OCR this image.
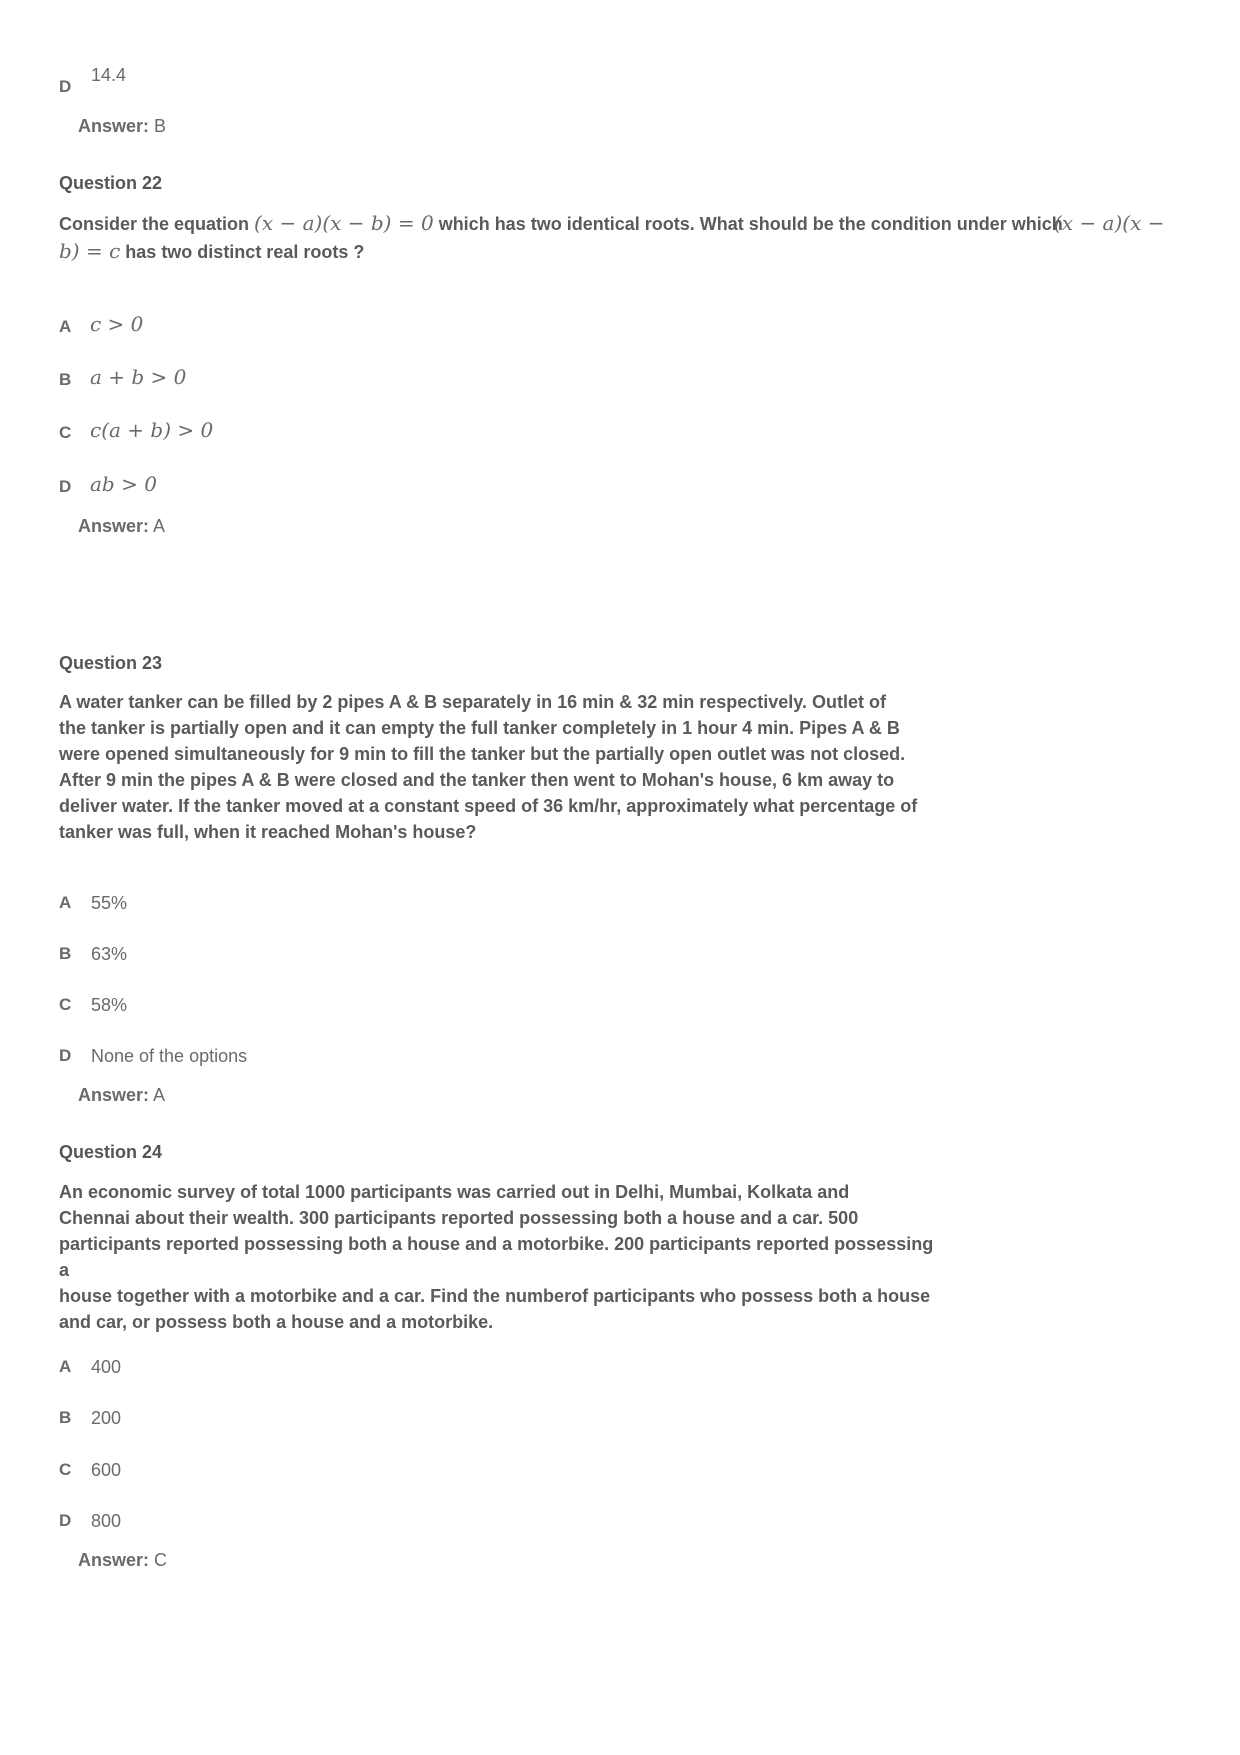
D
14.4
Answer: B
Question 22
Consider the equation (x − a)(x − b) = 0 which has two identical roots. What should be the condition under which
(x − a)(x −
b) = c has two distinct real roots ?
A c > 0
B a + b > 0
C c(a + b) > 0
D ab > 0
Answer: A
Question 23
A water tanker can be filled by 2 pipes A & B separately in 16 min & 32 min respectively. Outlet of
the tanker is partially open and it can empty the full tanker completely in 1 hour 4 min. Pipes A & B
were opened simultaneously for 9 min to fill the tanker but the partially open outlet was not closed.
After 9 min the pipes A & B were closed and the tanker then went to Mohan's house, 6 km away to
deliver water. If the tanker moved at a constant speed of 36 km/hr, approximately what percentage of
tanker was full, when it reached Mohan's house?
A 55%
B 63%
C 58%
D None of the options
Answer: A
Question 24
An economic survey of total 1000 participants was carried out in Delhi, Mumbai, Kolkata and
Chennai about their wealth. 300 participants reported possessing both a house and a car. 500
participants reported possessing both a house and a motorbike. 200 participants reported possessing a
house together with a motorbike and a car. Find the numberof participants who possess both a house
and car, or possess both a house and a motorbike.
A 400
B 200
C 600
D 800
Answer: C
